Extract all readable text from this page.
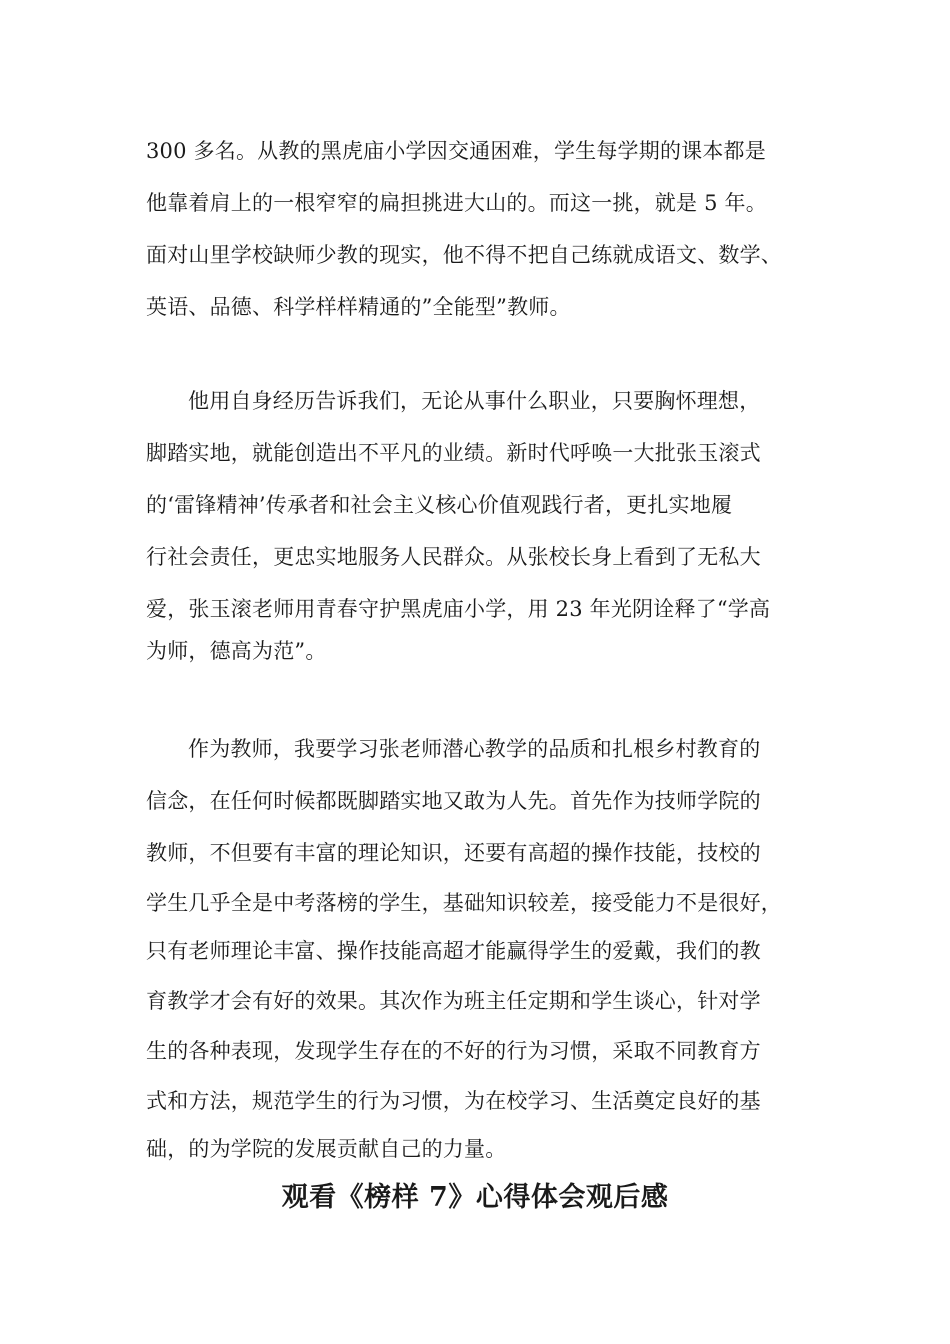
300 多名。从教的黑虎庙小学因交通困难，学生每学期的课本都是
他靠着肩上的一根窄窄的扁担挑进大山的。而这一挑，就是 5 年。
面对山里学校缺师少教的现实，他不得不把自己练就成语文、数学、
英语、品德、科学样样精通的”全能型”教师。
他用自身经历告诉我们，无论从事什么职业，只要胸怀理想，
脚踏实地，就能创造出不平凡的业绩。新时代呼唤一大批张玉滚式
的‘雷锋精神’传承者和社会主义核心价值观践行者，更扎实地履
行社会责任，更忠实地服务人民群众。从张校长身上看到了无私大
爱，张玉滚老师用青春守护黑虎庙小学，用 23 年光阴诠释了“学高
为师，德高为范”。
作为教师，我要学习张老师潜心教学的品质和扎根乡村教育的
信念，在任何时候都既脚踏实地又敢为人先。首先作为技师学院的
教师，不但要有丰富的理论知识，还要有高超的操作技能，技校的
学生几乎全是中考落榜的学生，基础知识较差，接受能力不是很好，
只有老师理论丰富、操作技能高超才能赢得学生的爱戴，我们的教
育教学才会有好的效果。其次作为班主任定期和学生谈心，针对学
生的各种表现，发现学生存在的不好的行为习惯，采取不同教育方
式和方法，规范学生的行为习惯，为在校学习、生活奠定良好的基
础，的为学院的发展贡献自己的力量。
观看《榜样 7》心得体会观后感
